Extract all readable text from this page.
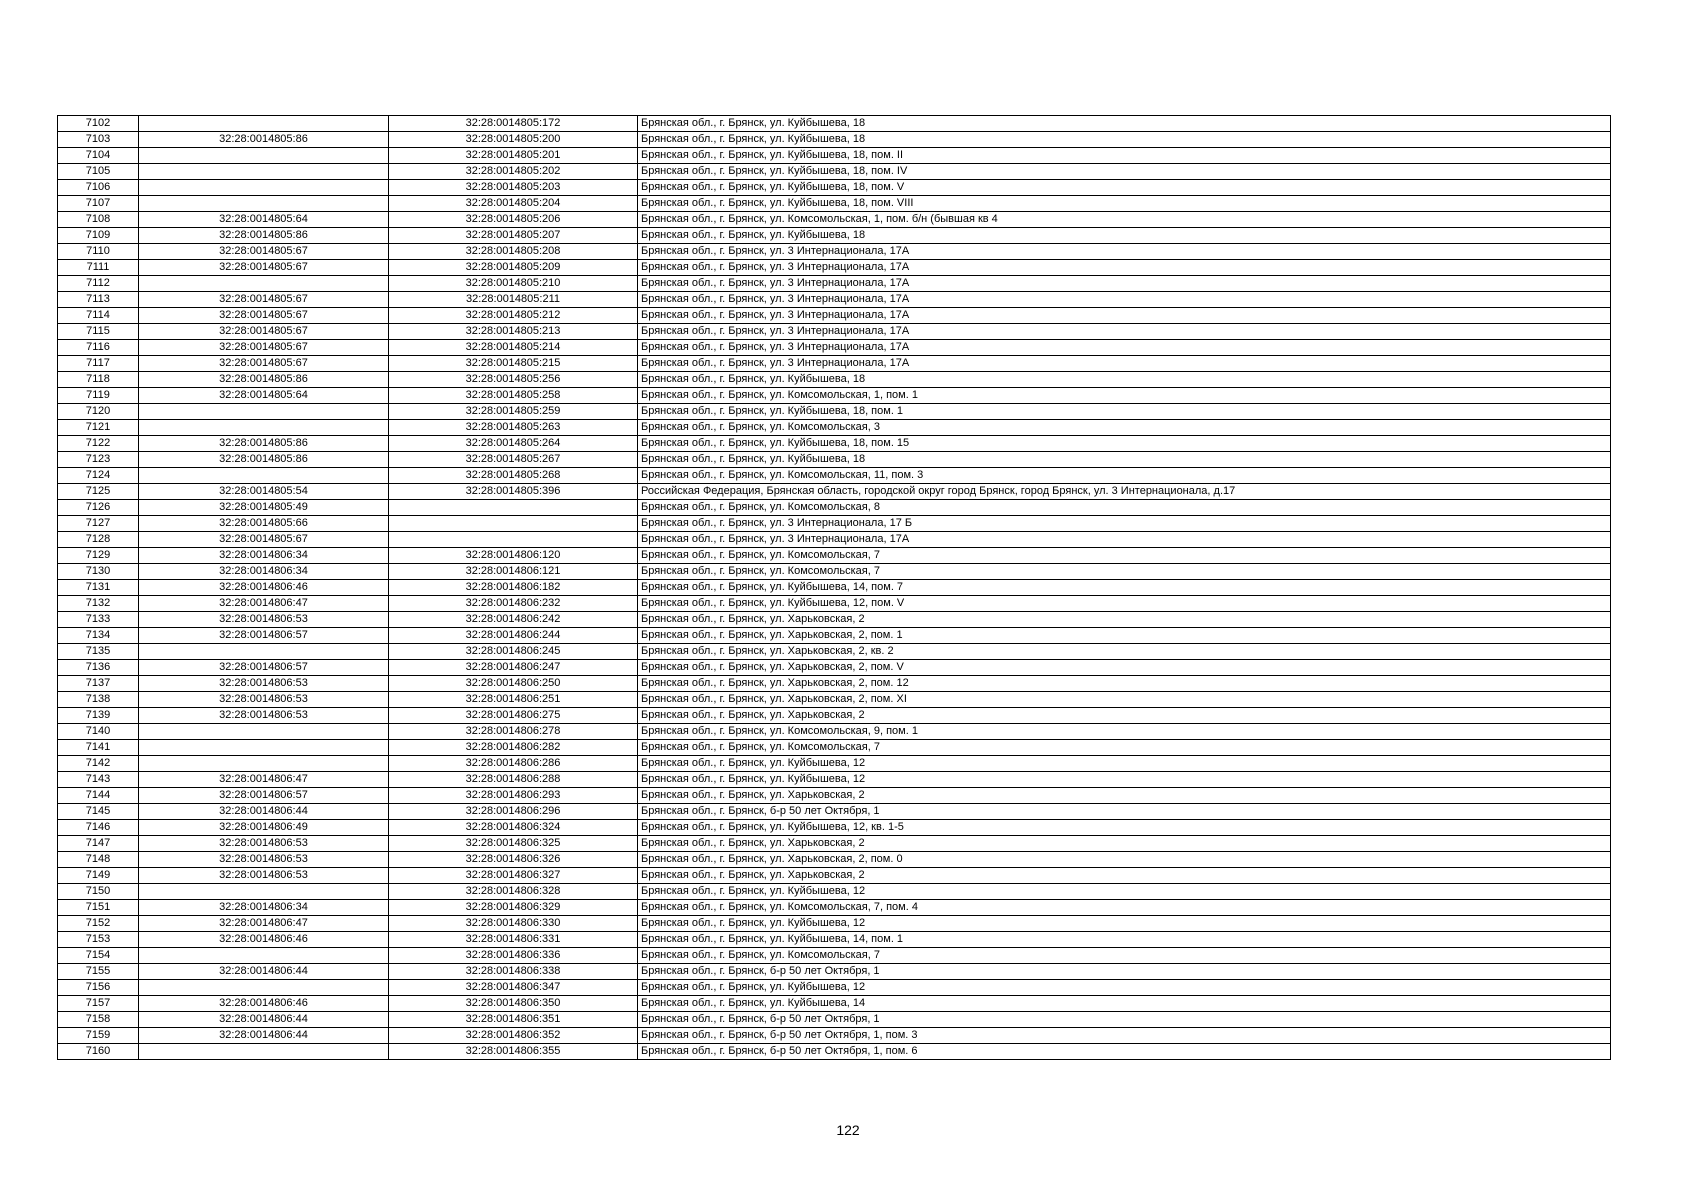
7102		32:28:0014805:172	Брянская обл., г. Брянск, ул. Куйбышева, 18
7103	32:28:0014805:86	32:28:0014805:200	Брянская обл., г. Брянск, ул. Куйбышева, 18
7104		32:28:0014805:201	Брянская обл., г. Брянск, ул. Куйбышева, 18, пом. II
7105		32:28:0014805:202	Брянская обл., г. Брянск, ул. Куйбышева, 18, пом. IV
7106		32:28:0014805:203	Брянская обл., г. Брянск, ул. Куйбышева, 18, пом. V
7107		32:28:0014805:204	Брянская обл., г. Брянск, ул. Куйбышева, 18, пом. VIII
7108	32:28:0014805:64	32:28:0014805:206	Брянская обл., г. Брянск, ул. Комсомольская, 1, пом. б/н (бывшая кв 4
7109	32:28:0014805:86	32:28:0014805:207	Брянская обл., г. Брянск, ул. Куйбышева, 18
7110	32:28:0014805:67	32:28:0014805:208	Брянская обл., г. Брянск, ул. 3 Интернационала, 17А
7111	32:28:0014805:67	32:28:0014805:209	Брянская обл., г. Брянск, ул. 3 Интернационала, 17А
7112		32:28:0014805:210	Брянская обл., г. Брянск, ул. 3 Интернационала, 17А
7113	32:28:0014805:67	32:28:0014805:211	Брянская обл., г. Брянск, ул. 3 Интернационала, 17А
7114	32:28:0014805:67	32:28:0014805:212	Брянская обл., г. Брянск, ул. 3 Интернационала, 17А
7115	32:28:0014805:67	32:28:0014805:213	Брянская обл., г. Брянск, ул. 3 Интернационала, 17А
7116	32:28:0014805:67	32:28:0014805:214	Брянская обл., г. Брянск, ул. 3 Интернационала, 17А
7117	32:28:0014805:67	32:28:0014805:215	Брянская обл., г. Брянск, ул. 3 Интернационала, 17А
7118	32:28:0014805:86	32:28:0014805:256	Брянская обл., г. Брянск, ул. Куйбышева, 18
7119	32:28:0014805:64	32:28:0014805:258	Брянская обл., г. Брянск, ул. Комсомольская, 1, пом. 1
7120		32:28:0014805:259	Брянская обл., г. Брянск, ул. Куйбышева, 18, пом. 1
7121		32:28:0014805:263	Брянская обл., г. Брянск, ул. Комсомольская, 3
7122	32:28:0014805:86	32:28:0014805:264	Брянская обл., г. Брянск, ул. Куйбышева, 18, пом. 15
7123	32:28:0014805:86	32:28:0014805:267	Брянская обл., г. Брянск, ул. Куйбышева, 18
7124		32:28:0014805:268	Брянская обл., г. Брянск, ул. Комсомольская, 11, пом. 3
7125	32:28:0014805:54	32:28:0014805:396	Российская Федерация, Брянская область, городской округ город Брянск, город Брянск, ул. 3 Интернационала, д.17
7126	32:28:0014805:49		Брянская обл., г. Брянск, ул. Комсомольская, 8
7127	32:28:0014805:66		Брянская обл., г. Брянск, ул. 3 Интернационала, 17 Б
7128	32:28:0014805:67		Брянская обл., г. Брянск, ул. 3 Интернационала, 17А
7129	32:28:0014806:34	32:28:0014806:120	Брянская обл., г. Брянск, ул. Комсомольская, 7
7130	32:28:0014806:34	32:28:0014806:121	Брянская обл., г. Брянск, ул. Комсомольская, 7
7131	32:28:0014806:46	32:28:0014806:182	Брянская обл., г. Брянск, ул. Куйбышева, 14, пом. 7
7132	32:28:0014806:47	32:28:0014806:232	Брянская обл., г. Брянск, ул. Куйбышева, 12, пом. V
7133	32:28:0014806:53	32:28:0014806:242	Брянская обл., г. Брянск, ул. Харьковская, 2
7134	32:28:0014806:57	32:28:0014806:244	Брянская обл., г. Брянск, ул. Харьковская, 2, пом. 1
7135		32:28:0014806:245	Брянская обл., г. Брянск, ул. Харьковская, 2, кв. 2
7136	32:28:0014806:57	32:28:0014806:247	Брянская обл., г. Брянск, ул. Харьковская, 2, пом. V
7137	32:28:0014806:53	32:28:0014806:250	Брянская обл., г. Брянск, ул. Харьковская, 2, пом. 12
7138	32:28:0014806:53	32:28:0014806:251	Брянская обл., г. Брянск, ул. Харьковская, 2, пом. XI
7139	32:28:0014806:53	32:28:0014806:275	Брянская обл., г. Брянск, ул. Харьковская, 2
7140		32:28:0014806:278	Брянская обл., г. Брянск, ул. Комсомольская, 9, пом. 1
7141		32:28:0014806:282	Брянская обл., г. Брянск, ул. Комсомольская, 7
7142		32:28:0014806:286	Брянская обл., г. Брянск, ул. Куйбышева, 12
7143	32:28:0014806:47	32:28:0014806:288	Брянская обл., г. Брянск, ул. Куйбышева, 12
7144	32:28:0014806:57	32:28:0014806:293	Брянская обл., г. Брянск, ул. Харьковская, 2
7145	32:28:0014806:44	32:28:0014806:296	Брянская обл., г. Брянск, б-р 50 лет Октября, 1
7146	32:28:0014806:49	32:28:0014806:324	Брянская обл., г. Брянск, ул. Куйбышева, 12, кв. 1-5
7147	32:28:0014806:53	32:28:0014806:325	Брянская обл., г. Брянск, ул. Харьковская, 2
7148	32:28:0014806:53	32:28:0014806:326	Брянская обл., г. Брянск, ул. Харьковская, 2, пом. 0
7149	32:28:0014806:53	32:28:0014806:327	Брянская обл., г. Брянск, ул. Харьковская, 2
7150		32:28:0014806:328	Брянская обл., г. Брянск, ул. Куйбышева, 12
7151	32:28:0014806:34	32:28:0014806:329	Брянская обл., г. Брянск, ул. Комсомольская, 7, пом. 4
7152	32:28:0014806:47	32:28:0014806:330	Брянская обл., г. Брянск, ул. Куйбышева, 12
7153	32:28:0014806:46	32:28:0014806:331	Брянская обл., г. Брянск, ул. Куйбышева, 14, пом. 1
7154		32:28:0014806:336	Брянская обл., г. Брянск, ул. Комсомольская, 7
7155	32:28:0014806:44	32:28:0014806:338	Брянская обл., г. Брянск, б-р 50 лет Октября, 1
7156		32:28:0014806:347	Брянская обл., г. Брянск, ул. Куйбышева, 12
7157	32:28:0014806:46	32:28:0014806:350	Брянская обл., г. Брянск, ул. Куйбышева, 14
7158	32:28:0014806:44	32:28:0014806:351	Брянская обл., г. Брянск, б-р 50 лет Октября, 1
7159	32:28:0014806:44	32:28:0014806:352	Брянская обл., г. Брянск, б-р 50 лет Октября, 1, пом. 3
7160		32:28:0014806:355	Брянская обл., г. Брянск, б-р 50 лет Октября, 1, пом. 6
122
